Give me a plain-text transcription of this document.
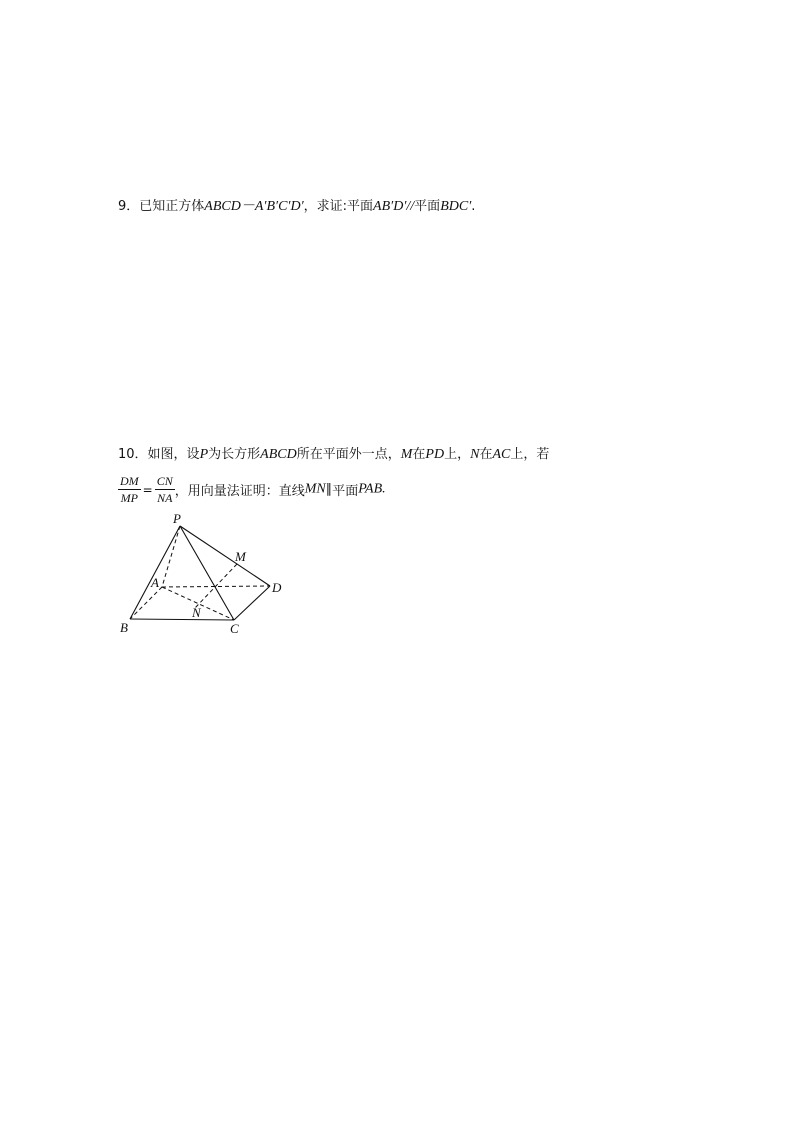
9．已知正方体ABCD－A′B′C′D′，求证:平面AB′D′//平面BDC′.
10．如图，设P为长方形ABCD所在平面外一点，M在PD上，N在AC上，若
$\frac{DM}{MP} = \frac{CN}{NA}$ ，用向量法证明：直线MN∥平面PAB.
P
M
A	D
N
B	C
